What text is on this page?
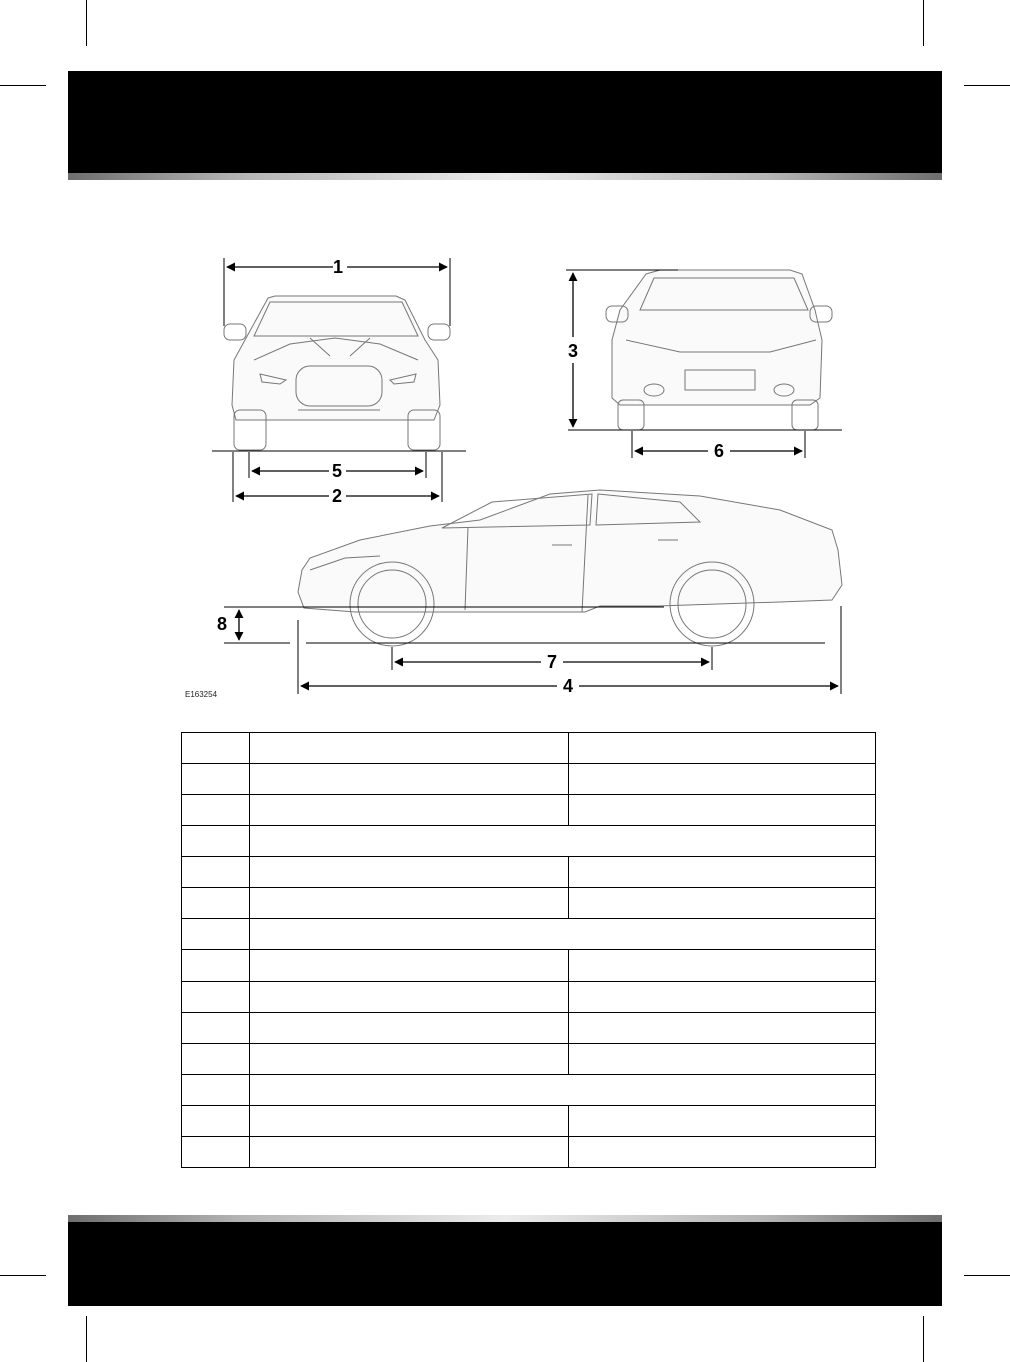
1
5
2
3
6
8
7
4
E163254
